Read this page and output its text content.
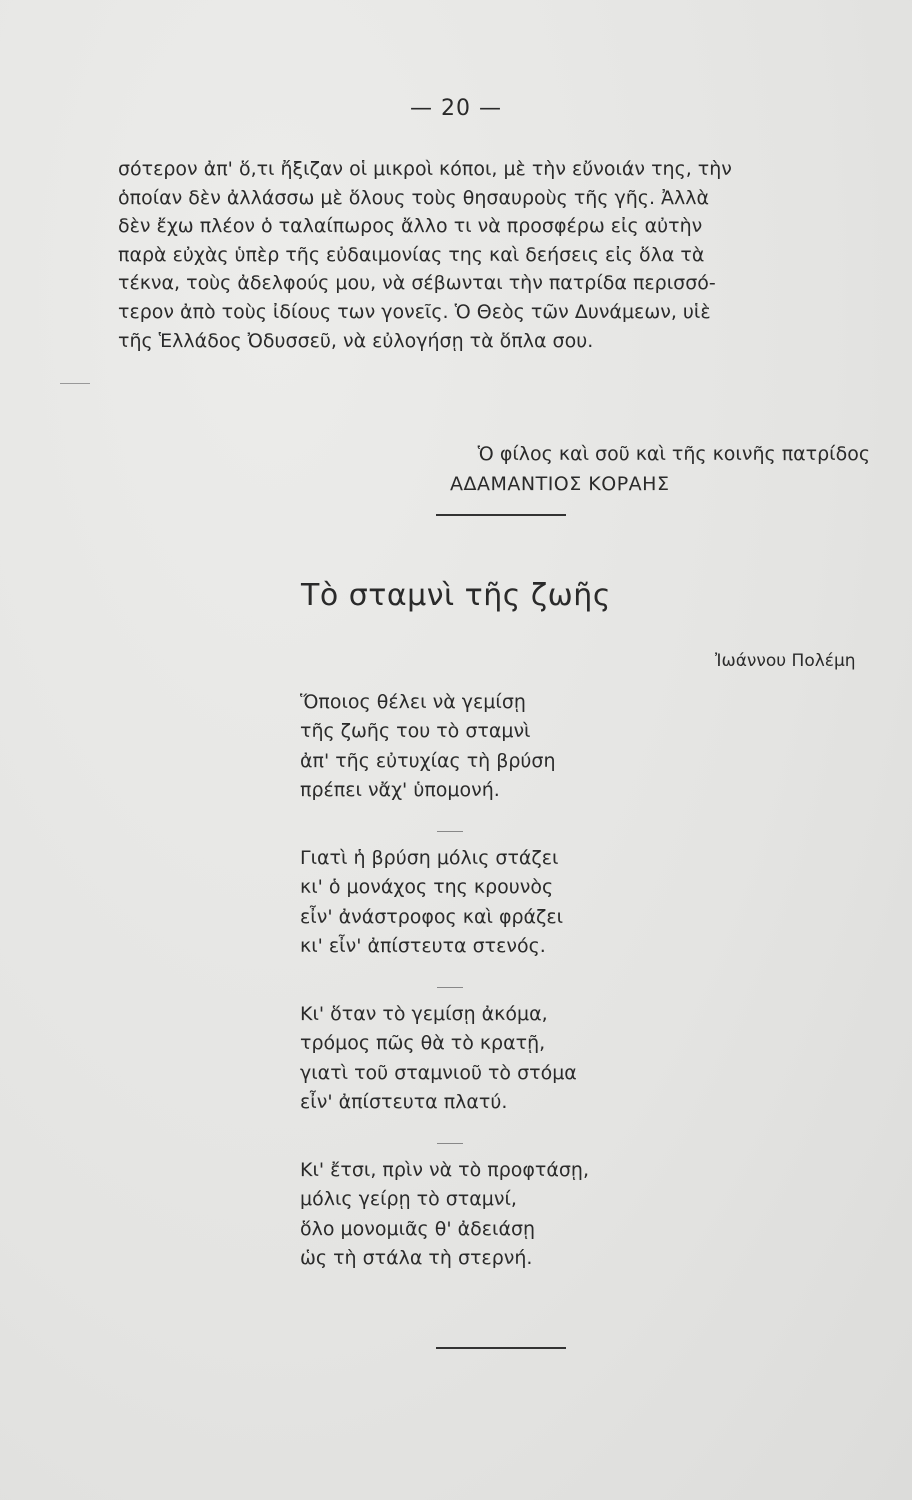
— 20 —
σότερον ἀπ' ὅ,τι ἤξιζαν οἱ μικροὶ κόποι, μὲ τὴν εὔνοιάν της, τὴν
ὁποίαν δὲν ἀλλάσσω μὲ ὅλους τοὺς θησαυροὺς τῆς γῆς. Ἀλλὰ
δὲν ἔχω πλέον ὁ ταλαίπωρος ἄλλο τι νὰ προσφέρω εἰς αὐτὴν
παρὰ εὐχὰς ὑπὲρ τῆς εὐδαιμονίας της καὶ δεήσεις εἰς ὅλα τὰ
τέκνα, τοὺς ἀδελφούς μου, νὰ σέβωνται τὴν πατρίδα περισσό-
τερον ἀπὸ τοὺς ἰδίους των γονεῖς. Ὁ Θεὸς τῶν Δυνάμεων, υἱὲ
τῆς Ἑλλάδος Ὀδυσσεῦ, νὰ εὐλογήσῃ τὰ ὅπλα σου.
Ὁ φίλος καὶ σοῦ καὶ τῆς κοινῆς πατρίδος
ΑΔΑΜΑΝΤΙΟΣ ΚΟΡΑΗΣ
Τὸ σταμνὶ τῆς ζωῆς
Ἰωάννου Πολέμη
Ὅποιος θέλει νὰ γεμίσῃ
τῆς ζωῆς του τὸ σταμνὶ
ἀπ' τῆς εὐτυχίας τὴ βρύση
πρέπει νἄχ' ὑπομονή.
Γιατὶ ἡ βρύση μόλις στάζει
κι' ὁ μονάχος της κρουνὸς
εἶν' ἀνάστροφος καὶ φράζει
κι' εἶν' ἀπίστευτα στενός.
Κι' ὅταν τὸ γεμίσῃ ἀκόμα,
τρόμος πῶς θὰ τὸ κρατῇ,
γιατὶ τοῦ σταμνιοῦ τὸ στόμα
εἶν' ἀπίστευτα πλατύ.
Κι' ἔτσι, πρὶν νὰ τὸ προφτάσῃ,
μόλις γείρῃ τὸ σταμνί,
ὅλο μονομιᾶς θ' ἀδειάσῃ
ὡς τὴ στάλα τὴ στερνή.
